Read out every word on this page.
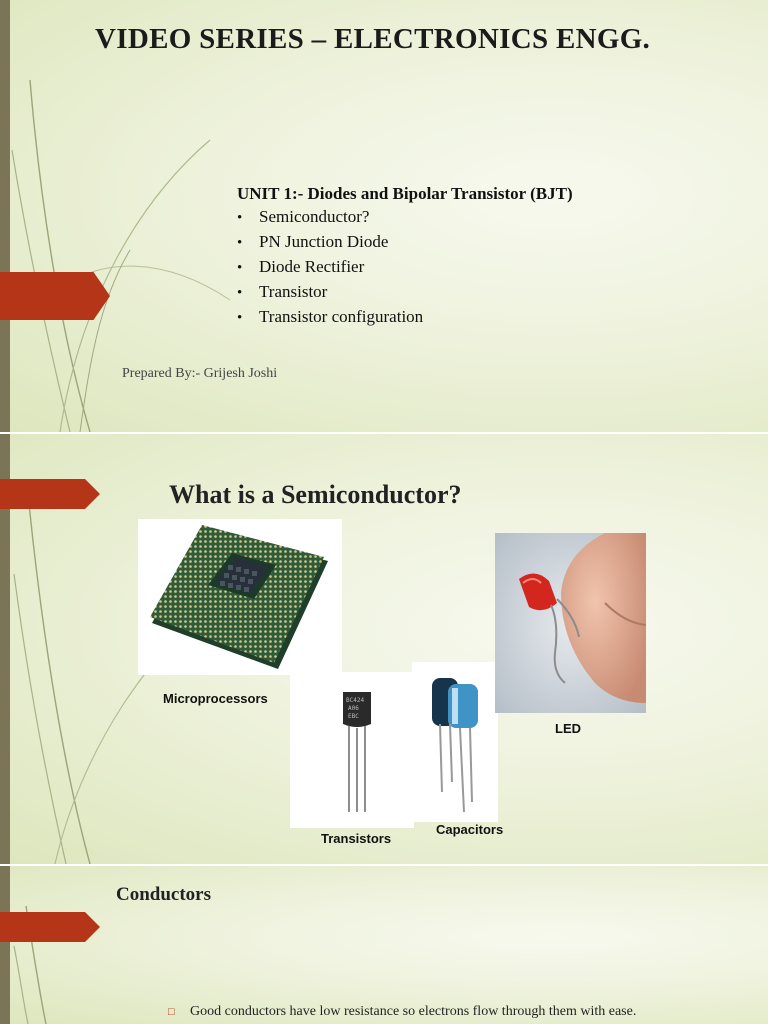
VIDEO SERIES – ELECTRONICS ENGG.
UNIT 1:- Diodes and Bipolar Transistor (BJT)
• Semiconductor?
• PN Junction Diode
• Diode Rectifier
• Transistor
• Transistor configuration
Prepared By:- Grijesh Joshi
What is a Semiconductor?
Microprocessors	BC424
A06
EBC
Transistors
Capacitors
LED
Conductors
□	Good conductors have low resistance so electrons flow through them with ease.
